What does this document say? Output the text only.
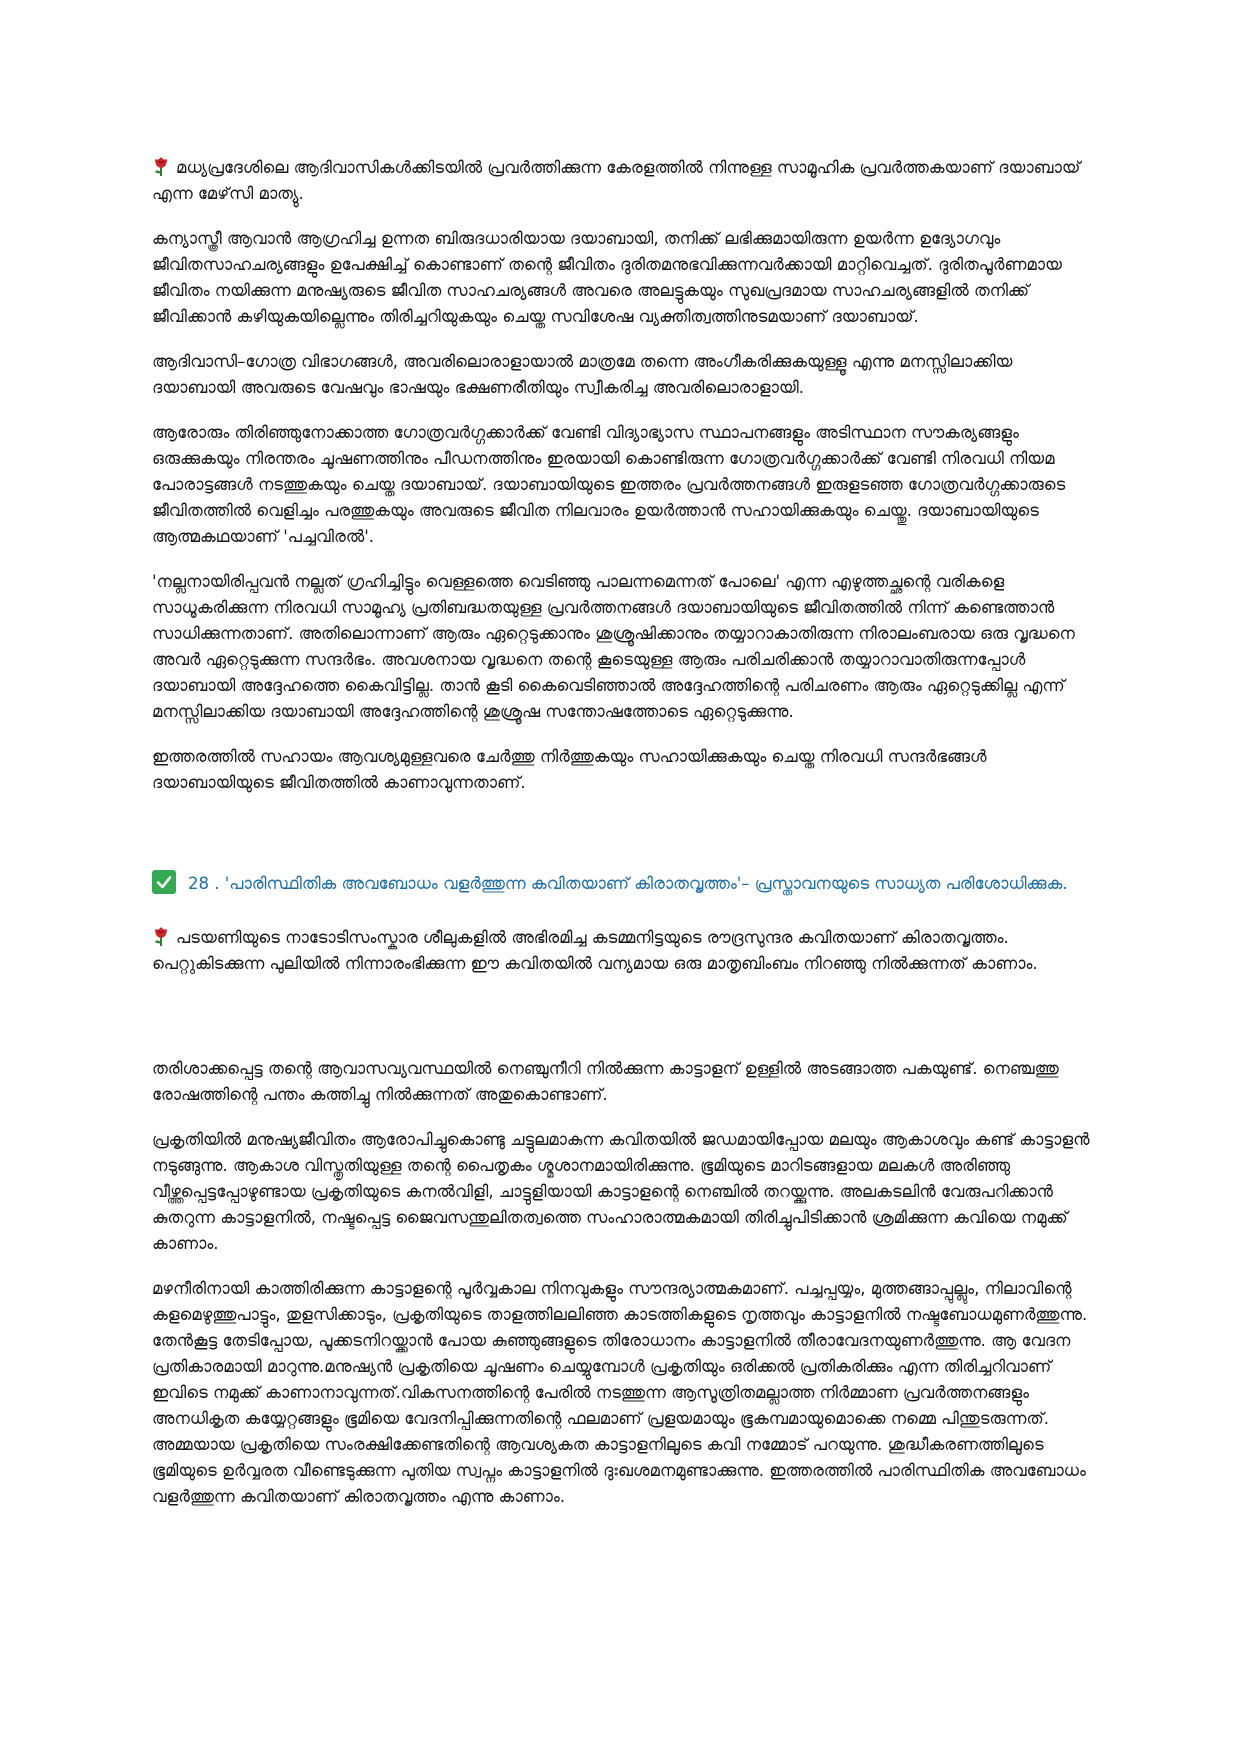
മധ്യപ്രദേശിലെ ആദിവാസികൾക്കിടയിൽ പ്രവർത്തിക്കുന്ന കേരളത്തിൽ നിന്നുള്ള സാമൂഹിക പ്രവർത്തകയാണ് ദയാബായ് എന്ന മേഴ്‌സി മാത്യു.

കന്യാസ്ത്രീ ആവാൻ ആഗ്രഹിച്ച ഉന്നത ബിരുദധാരിയായ ദയാബായി, തനിക്ക് ലഭിക്കുമായിരുന്ന ഉയർന്ന ഉദ്യോഗവും ജീവിതസാഹചര്യങ്ങളും ഉപേക്ഷിച്ച് കൊണ്ടാണ് തന്റെ ജീവിതം ദുരിതമനുഭവിക്കുന്നവർക്കായി മാറ്റിവെച്ചത്. ദുരിതപൂർണമായ ജീവിതം നയിക്കുന്ന മനുഷ്യരുടെ ജീവിത സാഹചര്യങ്ങൾ അവരെ അലട്ടുകയും സുഖപ്രദമായ സാഹചര്യങ്ങളിൽ തനിക്ക് ജീവിക്കാൻ കഴിയുകയില്ലെന്നും തിരിച്ചറിയുകയും ചെയ്ത സവിശേഷ വ്യക്തിത്വത്തിനുടമയാണ് ദയാബായ്.

ആദിവാസി–ഗോത്ര വിഭാഗങ്ങൾ, അവരിലൊരാളായാൽ മാത്രമേ തന്നെ അംഗീകരിക്കുകയുള്ളൂ എന്നു മനസ്സിലാക്കിയ ദയാബായി അവരുടെ വേഷവും ഭാഷയും ഭക്ഷണരീതിയും സ്വീകരിച്ച അവരിലൊരാളായി.

ആരോരും തിരിഞ്ഞുനോക്കാത്ത ഗോത്രവർഗ്ഗക്കാർക്ക് വേണ്ടി വിദ്യാഭ്യാസ സ്ഥാപനങ്ങളും അടിസ്ഥാന സൗകര്യങ്ങളും ഒരുക്കുകയും നിരന്തരം ചൂഷണത്തിനും പീഡനത്തിനും ഇരയായി കൊണ്ടിരുന്ന ഗോത്രവർഗ്ഗക്കാർക്ക് വേണ്ടി നിരവധി നിയമ പോരാട്ടങ്ങൾ നടത്തുകയും ചെയ്ത ദയാബായ്. ദയാബായിയുടെ ഇത്തരം പ്രവർത്തനങ്ങൾ ഇരുളടഞ്ഞ ഗോത്രവർഗ്ഗക്കാരുടെ ജീവിതത്തിൽ വെളിച്ചം പരത്തുകയും അവരുടെ ജീവിത നിലവാരം ഉയർത്താൻ സഹായിക്കുകയും ചെയ്തു. ദയാബായിയുടെ ആത്മകഥയാണ് 'പച്ചവിരൽ'.

'നല്ലനായിരിപ്പവൻ നല്ലത് ഗ്രഹിച്ചിട്ടും വെള്ളത്തെ വെടിഞ്ഞു പാലന്നമെന്നത് പോലെ' എന്ന എഴുത്തച്ഛന്റെ വരികളെ സാധൂകരിക്കുന്ന നിരവധി സാമൂഹ്യ പ്രതിബദ്ധതയുള്ള പ്രവർത്തനങ്ങൾ ദയാബായിയുടെ ജീവിതത്തിൽ നിന്ന് കണ്ടെത്താൻ സാധിക്കുന്നതാണ്. അതിലൊന്നാണ് ആരും ഏറ്റെടുക്കാനും ശുശ്രൂഷിക്കാനും തയ്യാറാകാതിരുന്ന നിരാലംബരായ ഒരു വൃദ്ധനെ അവർ ഏറ്റെടുക്കുന്ന സന്ദർഭം. അവശനായ വൃദ്ധനെ തന്റെ കൂടെയുള്ള ആരും പരിചരിക്കാൻ തയ്യാറാവാതിരുന്നപ്പോൾ ദയാബായി അദ്ദേഹത്തെ കൈവിട്ടില്ല. താൻ കൂടി കൈവെടിഞ്ഞാൽ അദ്ദേഹത്തിന്റെ പരിചരണം ആരും ഏറ്റെടുക്കില്ല എന്ന് മനസ്സിലാക്കിയ ദയാബായി അദ്ദേഹത്തിന്റെ ശുശ്രൂഷ സന്തോഷത്തോടെ ഏറ്റെടുക്കുന്നു.

ഇത്തരത്തിൽ സഹായം ആവശ്യമുള്ളവരെ ചേർത്തു നിർത്തുകയും സഹായിക്കുകയും ചെയ്ത നിരവധി സന്ദർഭങ്ങൾ ദയാബായിയുടെ ജീവിതത്തിൽ കാണാവുന്നതാണ്.

28 . 'പാരിസ്ഥിതിക അവബോധം വളർത്തുന്ന കവിതയാണ് കിരാതവൃത്തം'– പ്രസ്താവനയുടെ സാധ്യത പരിശോധിക്കുക.

പടയണിയുടെ നാടോടിസംസ്കാര ശീലുകളിൽ അഭിരമിച്ച കടമ്മനിട്ടയുടെ രൗദ്രസുന്ദര കവിതയാണ് കിരാതവൃത്തം. പെറ്റുകിടക്കുന്ന പുലിയിൽ നിന്നാരംഭിക്കുന്ന ഈ കവിതയിൽ വന്യമായ ഒരു മാതൃബിംബം നിറഞ്ഞു നിൽക്കുന്നത് കാണാം.

തരിശാക്കപ്പെട്ട തന്റെ ആവാസവ്യവസ്ഥയിൽ നെഞ്ചുനീറി നിൽക്കുന്ന കാട്ടാളന് ഉള്ളിൽ അടങ്ങാത്ത പകയുണ്ട്. നെഞ്ചത്തു രോഷത്തിന്റെ പന്തം കത്തിച്ചു നിൽക്കുന്നത് അതുകൊണ്ടാണ്.

പ്രകൃതിയിൽ മനുഷ്യജീവിതം ആരോപിച്ചുകൊണ്ടു ചട്ടുലമാകുന്ന കവിതയിൽ ജഡമായിപ്പോയ മലയും ആകാശവും കണ്ട് കാട്ടാളൻ നടുങ്ങുന്നു. ആകാശ വിസ്തൃതിയുള്ള തന്റെ പൈതൃകം ശ്മശാനമായിരിക്കുന്നു. ഭൂമിയുടെ മാറിടങ്ങളായ മലകൾ അരിഞ്ഞു വീഴ്ത്തപ്പെട്ടപ്പോഴുണ്ടായ പ്രകൃതിയുടെ കനൽവിളി, ചാട്ടുളിയായി കാട്ടാളന്റെ നെഞ്ചിൽ തറയ്ക്കുന്നു. അലകടലിൻ വേരുപറിക്കാൻ കുതറുന്ന കാട്ടാളനിൽ, നഷ്ടപ്പെട്ട ജൈവസന്തുലിതത്വത്തെ സംഹാരാത്മകമായി തിരിച്ചുപിടിക്കാൻ ശ്രമിക്കുന്ന കവിയെ നമുക്ക് കാണാം.

മഴനീരിനായി കാത്തിരിക്കുന്ന കാട്ടാളന്റെ പൂർവ്വകാല നിനവുകളും സൗന്ദര്യാത്മകമാണ്. പച്ചപ്പയ്യം, മുത്തങ്ങാപ്പുല്ലും, നിലാവിന്റെ കളമെഴുത്തുപാട്ടും, തുളസിക്കാടും, പ്രകൃതിയുടെ താളത്തിലലിഞ്ഞ കാടത്തികളുടെ നൃത്തവും കാട്ടാളനിൽ നഷ്ടബോധമുണർത്തുന്നു. തേൻകൂട്ട തേടിപ്പോയ, പൂക്കടനിറയ്ക്കാൻ പോയ കുഞ്ഞുങ്ങളുടെ തിരോധാനം കാട്ടാളനിൽ തീരാവേദനയുണർത്തുന്നു. ആ വേദന പ്രതികാരമായി മാറുന്നു.മനുഷ്യൻ പ്രകൃതിയെ ചൂഷണം ചെയ്യുമ്പോൾ പ്രകൃതിയും ഒരിക്കൽ പ്രതികരിക്കും എന്ന തിരിച്ചറിവാണ് ഇവിടെ നമുക്ക് കാണാനാവുന്നത്.വികസനത്തിന്റെ പേരിൽ നടത്തുന്ന ആസൂത്രിതമല്ലാത്ത നിർമ്മാണ പ്രവർത്തനങ്ങളും അനധികൃത കയ്യേറ്റങ്ങളും ഭൂമിയെ വേദനിപ്പിക്കുന്നതിന്റെ ഫലമാണ് പ്രളയമായും ഭൂകമ്പമായുമൊക്കെ നമ്മെ പിന്തുടരുന്നത്. അമ്മയായ പ്രകൃതിയെ സംരക്ഷിക്കേണ്ടതിന്റെ ആവശ്യകത കാട്ടാളനിലൂടെ കവി നമ്മോട് പറയുന്നു. ശുദ്ധീകരണത്തിലൂടെ ഭൂമിയുടെ ഉർവ്വരത വീണ്ടെടുക്കുന്ന പുതിയ സ്വപ്നം കാട്ടാളനിൽ ദുഃഖശമനമുണ്ടാക്കുന്നു. ഇത്തരത്തിൽ പാരിസ്ഥിതിക അവബോധം വളർത്തുന്ന കവിതയാണ് കിരാതവൃത്തം എന്നു കാണാം.
